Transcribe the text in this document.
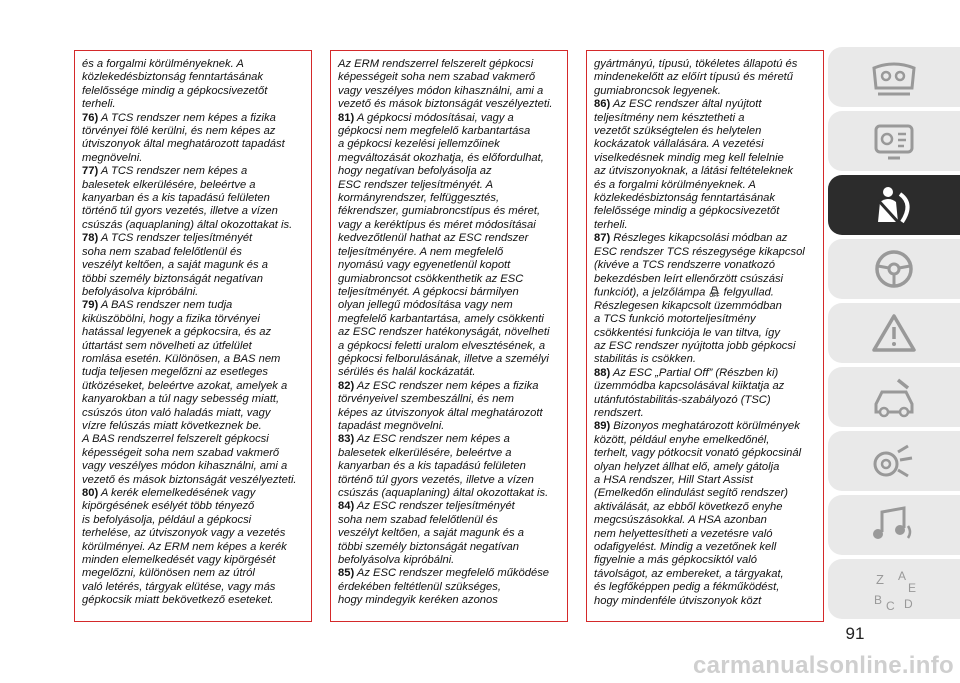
és a forgalmi körülményeknek. A
közlekedésbiztonság fenntartásának
felelőssége mindig a gépkocsivezetőt
terheli.
76) A TCS rendszer nem képes a fizika
törvényei fölé kerülni, és nem képes az
útviszonyok által meghatározott tapadást
megnövelni.
77) A TCS rendszer nem képes a
balesetek elkerülésére, beleértve a
kanyarban és a kis tapadású felületen
történő túl gyors vezetés, illetve a vízen
csúszás (aquaplaning) által okozottakat is.
78) A TCS rendszer teljesítményét
soha nem szabad felelőtlenül és
veszélyt keltően, a saját magunk és a
többi személy biztonságát negatívan
befolyásolva kipróbálni.
79) A BAS rendszer nem tudja
kiküszöbölni, hogy a fizika törvényei
hatással legyenek a gépkocsira, és az
úttartást sem növelheti az útfelület
romlása esetén. Különösen, a BAS nem
tudja teljesen megelőzni az esetleges
ütközéseket, beleértve azokat, amelyek a
kanyarokban a túl nagy sebesség miatt,
csúszós úton való haladás miatt, vagy
vízre felúszás miatt következnek be.
A BAS rendszerrel felszerelt gépkocsi
képességeit soha nem szabad vakmerő
vagy veszélyes módon kihasználni, ami a
vezető és mások biztonságát veszélyezteti.
80) A kerék elemelkedésének vagy
kipörgésének esélyét több tényező
is befolyásolja, például a gépkocsi
terhelése, az útviszonyok vagy a vezetés
körülményei. Az ERM nem képes a kerék
minden elemelkedését vagy kipörgését
megelőzni, különösen nem az útról
való letérés, tárgyak elütése, vagy más
gépkocsik miatt bekövetkező eseteket.

Az ERM rendszerrel felszerelt gépkocsi
képességeit soha nem szabad vakmerő
vagy veszélyes módon kihasználni, ami a
vezető és mások biztonságát veszélyezteti.
81) A gépkocsi módosításai, vagy a
gépkocsi nem megfelelő karbantartása
a gépkocsi kezelési jellemzőinek
megváltozását okozhatja, és előfordulhat,
hogy negatívan befolyásolja az
ESC rendszer teljesítményét. A
kormányrendszer, felfüggesztés,
fékrendszer, gumiabroncstípus és méret,
vagy a keréktípus és méret módosításai
kedvezőtlenül hathat az ESC rendszer
teljesítményére. A nem megfelelő
nyomású vagy egyenetlenül kopott
gumiabroncsot csökkenthetik az ESC
teljesítményét. A gépkocsi bármilyen
olyan jellegű módosítása vagy nem
megfelelő karbantartása, amely csökkenti
az ESC rendszer hatékonyságát, növelheti
a gépkocsi feletti uralom elvesztésének, a
gépkocsi felborulásának, illetve a személyi
sérülés és halál kockázatát.
82) Az ESC rendszer nem képes a fizika
törvényeivel szembeszállni, és nem
képes az útviszonyok által meghatározott
tapadást megnövelni.
83) Az ESC rendszer nem képes a
balesetek elkerülésére, beleértve a
kanyarban és a kis tapadású felületen
történő túl gyors vezetés, illetve a vízen
csúszás (aquaplaning) által okozottakat is.
84) Az ESC rendszer teljesítményét
soha nem szabad felelőtlenül és
veszélyt keltően, a saját magunk és a
többi személy biztonságát negatívan
befolyásolva kipróbálni.
85) Az ESC rendszer megfelelő működése
érdekében feltétlenül szükséges,
hogy mindegyik keréken azonos

gyártmányú, típusú, tökéletes állapotú és
mindenekelőtt az előírt típusú és méretű
gumiabroncsok legyenek.
86) Az ESC rendszer által nyújtott
teljesítmény nem késztetheti a
vezetőt szükségtelen és helytelen
kockázatok vállalására. A vezetési
viselkedésnek mindig meg kell felelnie
az útviszonyoknak, a látási feltételeknek
és a forgalmi körülményeknek. A
közlekedésbiztonság fenntartásának
felelőssége mindig a gépkocsivezetőt
terheli.
87) Részleges kikapcsolási módban az
ESC rendszer TCS részegysége kikapcsol
(kivéve a TCS rendszerre vonatkozó
bekezdésben leírt ellenőrzött csúszási
funkciót), a jelzőlámpa OFF felgyullad.
Részlegesen kikapcsolt üzemmódban
a TCS funkció motorteljesítmény
csökkentési funkciója le van tiltva, így
az ESC rendszer nyújtotta jobb gépkocsi
stabilitás is csökken.
88) Az ESC „Partial Off” (Részben ki)
üzemmódba kapcsolásával kiiktatja az
utánfutóstabilitás-szabályozó (TSC)
rendszert.
89) Bizonyos meghatározott körülmények
között, például enyhe emelkedőnél,
terhelt, vagy pótkocsit vonató gépkocsinál
olyan helyzet állhat elő, amely gátolja
a HSA rendszer, Hill Start Assist
(Emelkedőn elindulást segítő rendszer)
aktiválását, az ebből következő enyhe
megcsúszásokkal. A HSA azonban
nem helyettesítheti a vezetésre való
odafigyelést. Mindig a vezetőnek kell
figyelnie a más gépkocsiktól való
távolságot, az embereket, a tárgyakat,
és legfőképpen pedig a fékműködést,
hogy mindenféle útviszonyok közt

Z A
B C D
E
91
carmanualsonline.info
